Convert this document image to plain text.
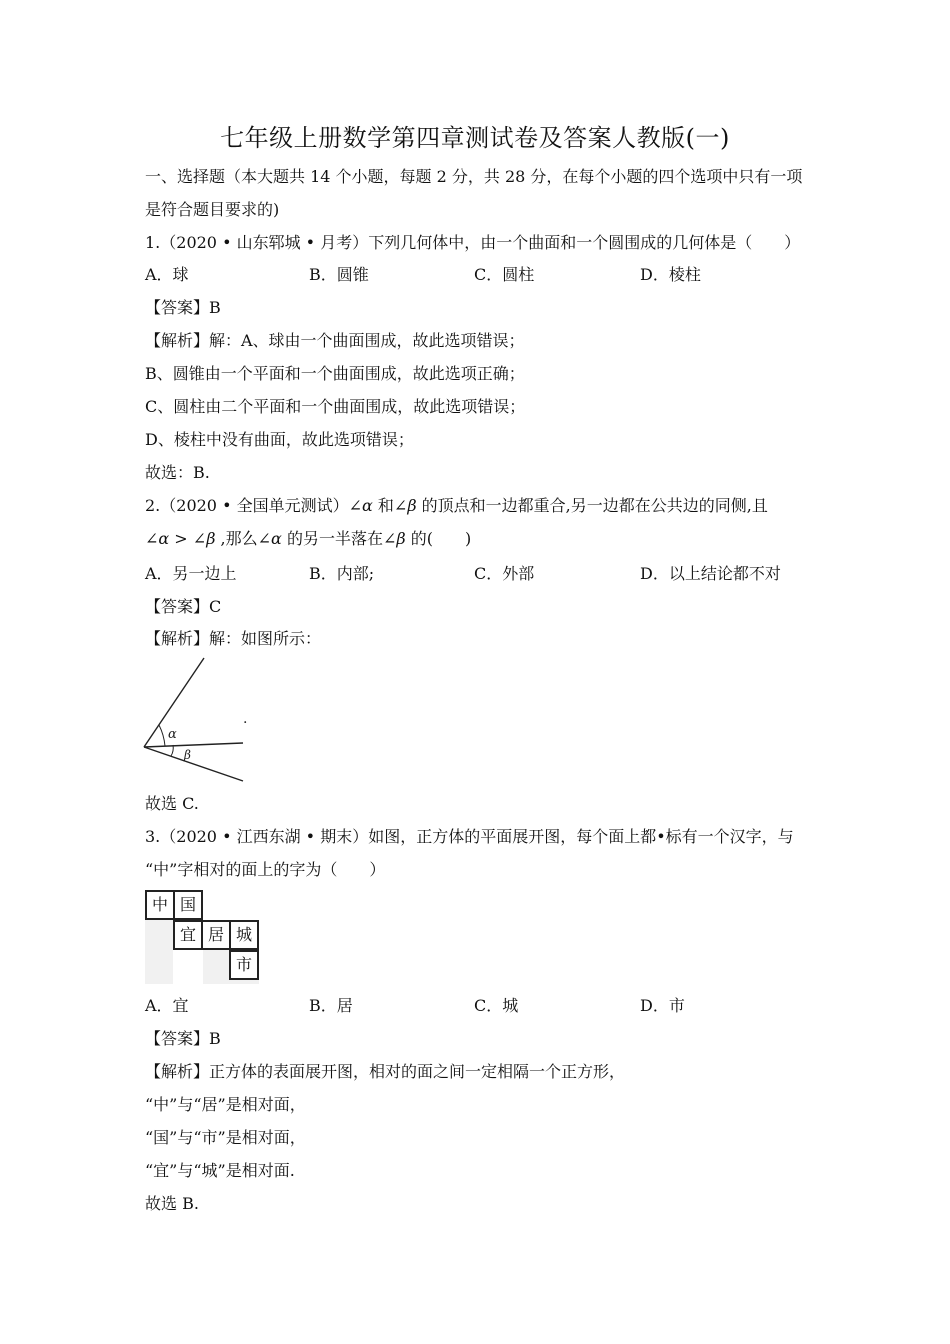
七年级上册数学第四章测试卷及答案人教版(一)
一、选择题（本大题共 14 个小题，每题 2 分，共 28 分，在每个小题的四个选项中只有一项
是符合题目要求的)
1.（2020 • 山东郓城 • 月考）下列几何体中，由一个曲面和一个圆围成的几何体是（　　）
A．球	B．圆锥	C．圆柱	D．棱柱
【答案】B
【解析】解：A、球由一个曲面围成，故此选项错误；
B、圆锥由一个平面和一个曲面围成，故此选项正确；
C、圆柱由二个平面和一个曲面围成，故此选项错误；
D、棱柱中没有曲面，故此选项错误；
故选：B.
2.（2020 • 全国单元测试）∠α 和∠β 的顶点和一边都重合,另一边都在公共边的同侧,且
∠α > ∠β ,那么∠α 的另一半落在∠β 的(　　)
A．另一边上	B．内部;	C．外部	D．以上结论都不对
【答案】C
【解析】解：如图所示：
α
β
.
故选 C.
3.（2020 • 江西东湖 • 期末）如图，正方体的平面展开图，每个面上都•标有一个汉字，与
“中”字相对的面上的字为（　　）
中 国
宜 居 城
市
A．宜	B．居	C．城	D．市
【答案】B
【解析】正方体的表面展开图，相对的面之间一定相隔一个正方形，
“中”与“居”是相对面，
“国”与“市”是相对面，
“宜”与“城”是相对面.
故选 B.
